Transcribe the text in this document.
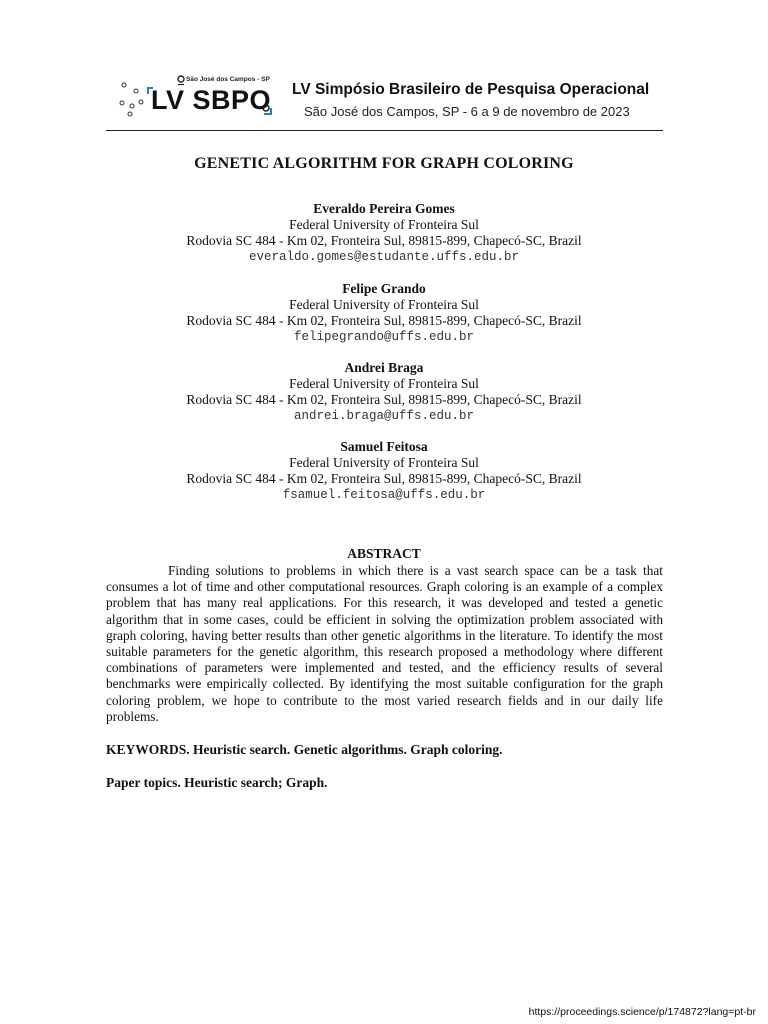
São José dos Campos - SP
LV SBPO LV Simpósio Brasileiro de Pesquisa Operacional
São José dos Campos, SP - 6 a 9 de novembro de 2023
GENETIC ALGORITHM FOR GRAPH COLORING
Everaldo Pereira Gomes
Federal University of Fronteira Sul
Rodovia SC 484 - Km 02, Fronteira Sul, 89815-899, Chapecó-SC, Brazil
everaldo.gomes@estudante.uffs.edu.br
Felipe Grando
Federal University of Fronteira Sul
Rodovia SC 484 - Km 02, Fronteira Sul, 89815-899, Chapecó-SC, Brazil
felipegrando@uffs.edu.br
Andrei Braga
Federal University of Fronteira Sul
Rodovia SC 484 - Km 02, Fronteira Sul, 89815-899, Chapecó-SC, Brazil
andrei.braga@uffs.edu.br
Samuel Feitosa
Federal University of Fronteira Sul
Rodovia SC 484 - Km 02, Fronteira Sul, 89815-899, Chapecó-SC, Brazil
fsamuel.feitosa@uffs.edu.br
ABSTRACT

Finding solutions to problems in which there is a vast search space can be a task that consumes a lot of time and other computational resources. Graph coloring is an example of a complex problem that has many real applications. For this research, it was developed and tested a genetic algorithm that in some cases, could be efficient in solving the optimization problem associated with graph coloring, having better results than other genetic algorithms in the literature. To identify the most suitable parameters for the genetic algorithm, this research proposed a methodology where different combinations of parameters were implemented and tested, and the efficiency results of several benchmarks were empirically collected. By identifying the most suitable configuration for the graph coloring problem, we hope to contribute to the most varied research fields and in our daily life problems.

KEYWORDS. Heuristic search. Genetic algorithms. Graph coloring.
Paper topics. Heuristic search; Graph.
https://proceedings.science/p/174872?lang=pt-br
